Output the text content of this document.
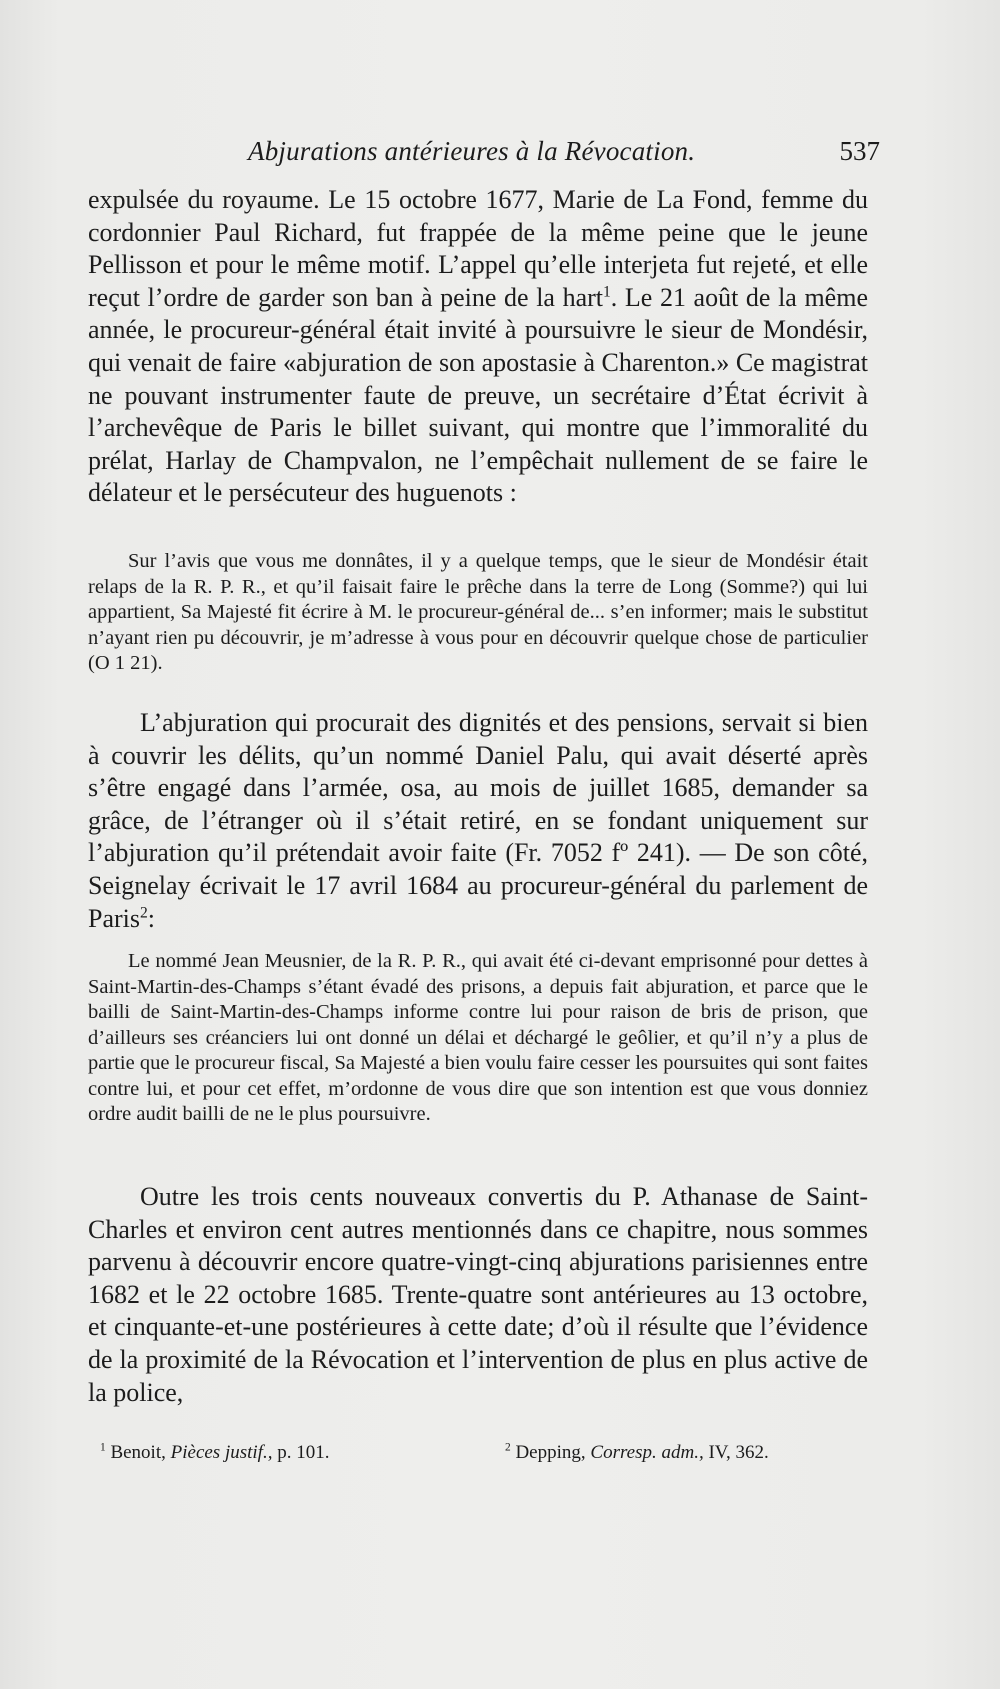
Abjurations antérieures à la Révocation.	537

expulsée du royaume. Le 15 octobre 1677, Marie de La Fond, femme du cordonnier Paul Richard, fut frappée de la même peine que le jeune Pellisson et pour le même motif. L’appel qu’elle interjeta fut rejeté, et elle reçut l’ordre de garder son ban à peine de la hart$^1$. Le 21 août de la même année, le procureur-général était invité à poursuivre le sieur de Mondésir, qui venait de faire «abjuration de son apostasie à Charenton.» Ce magistrat ne pouvant instrumenter faute de preuve, un secrétaire d’État écrivit à l’archevêque de Paris le billet suivant, qui montre que l’immoralité du prélat, Harlay de Champvalon, ne l’empêchait nullement de se faire le délateur et le persécuteur des huguenots :

Sur l’avis que vous me donnâtes, il y a quelque temps, que le sieur de Mondésir était relaps de la R. P. R., et qu’il faisait faire le prêche dans la terre de Long (Somme?) qui lui appartient, Sa Majesté fit écrire à M. le procureur-général de... s’en informer; mais le substitut n’ayant rien pu découvrir, je m’adresse à vous pour en découvrir quelque chose de particulier (O 1 21).

L’abjuration qui procurait des dignités et des pensions, servait si bien à couvrir les délits, qu’un nommé Daniel Palu, qui avait déserté après s’être engagé dans l’armée, osa, au mois de juillet 1685, demander sa grâce, de l’étranger où il s’était retiré, en se fondant uniquement sur l’abjuration qu’il prétendait avoir faite (Fr. 7052 fº 241). — De son côté, Seignelay écrivait le 17 avril 1684 au procureur-général du parlement de Paris$^2$:

Le nommé Jean Meusnier, de la R. P. R., qui avait été ci-devant emprisonné pour dettes à Saint-Martin-des-Champs s’étant évadé des prisons, a depuis fait abjuration, et parce que le bailli de Saint-Martin-des-Champs informe contre lui pour raison de bris de prison, que d’ailleurs ses créanciers lui ont donné un délai et déchargé le geôlier, et qu’il n’y a plus de partie que le procureur fiscal, Sa Majesté a bien voulu faire cesser les poursuites qui sont faites contre lui, et pour cet effet, m’ordonne de vous dire que son intention est que vous donniez ordre audit bailli de ne le plus poursuivre.

Outre les trois cents nouveaux convertis du P. Athanase de Saint-Charles et environ cent autres mentionnés dans ce chapitre, nous sommes parvenu à découvrir encore quatre-vingt-cinq abjurations parisiennes entre 1682 et le 22 octobre 1685. Trente-quatre sont antérieures au 13 octobre, et cinquante-et-une postérieures à cette date; d’où il résulte que l’évidence de la proximité de la Révocation et l’intervention de plus en plus active de la police,

$^1$ Benoit, Pièces justif., p. 101.	$^2$ Depping, Corresp. adm., IV, 362.
